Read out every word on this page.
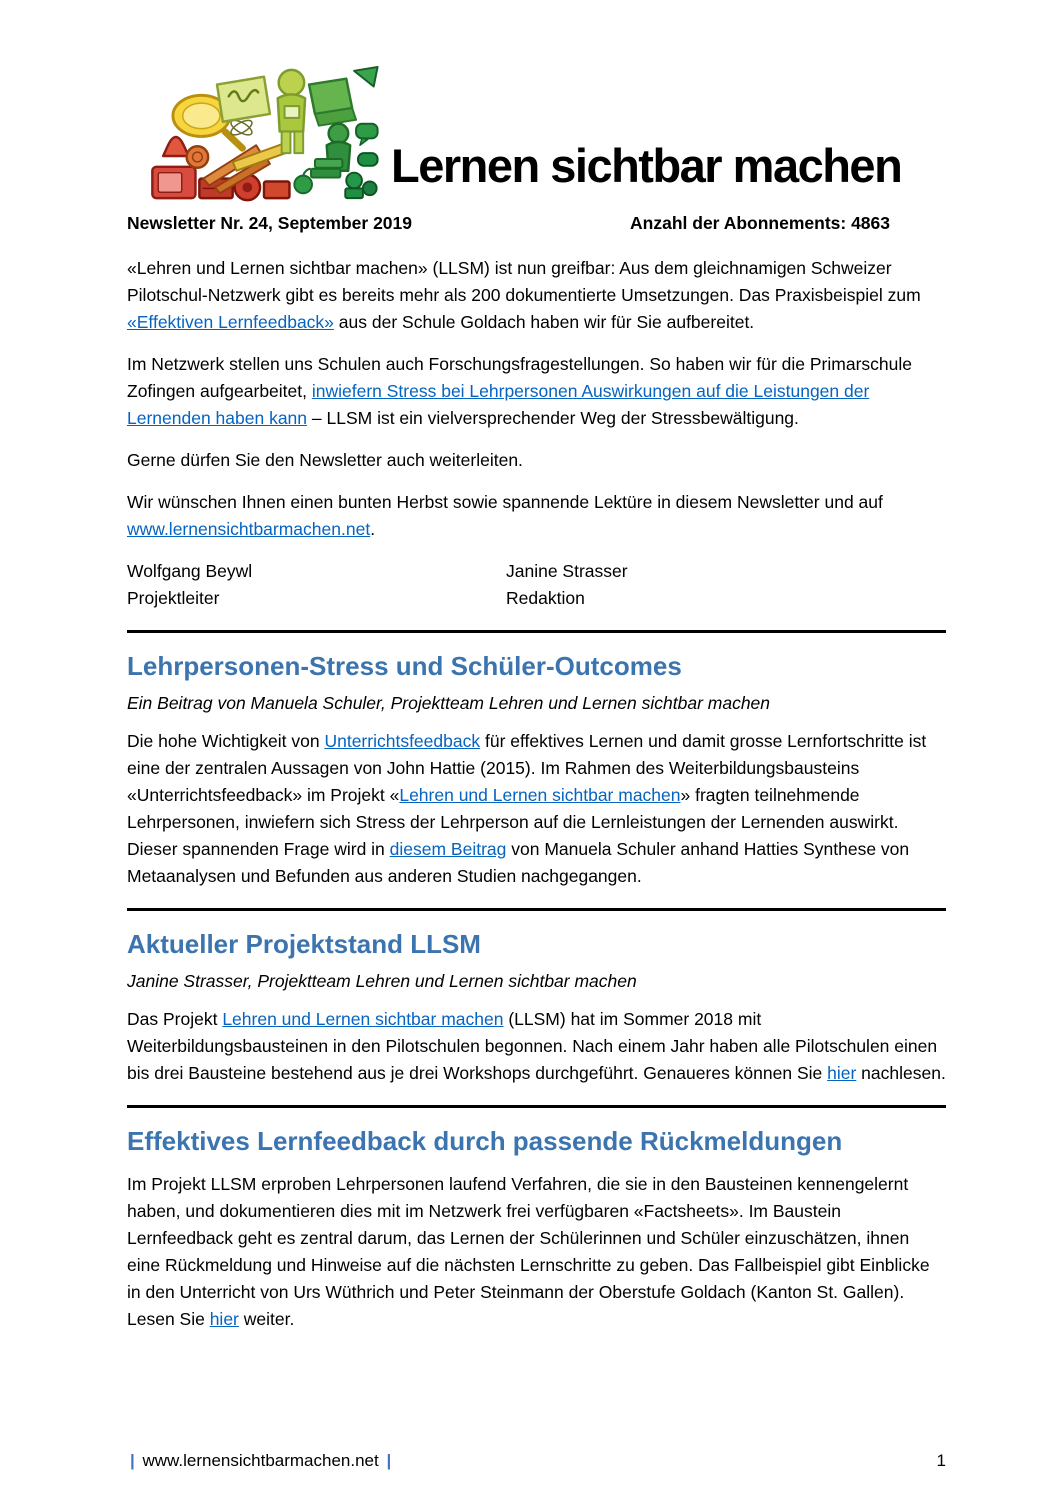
Lernen sichtbar machen
Newsletter Nr. 24, September 2019	Anzahl der Abonnements: 4863

«Lehren und Lernen sichtbar machen» (LLSM) ist nun greifbar: Aus dem gleichnamigen Schweizer Pilotschul-Netzwerk gibt es bereits mehr als 200 dokumentierte Umsetzungen. Das Praxisbeispiel zum «Effektiven Lernfeedback» aus der Schule Goldach haben wir für Sie aufbereitet.

Im Netzwerk stellen uns Schulen auch Forschungsfragestellungen. So haben wir für die Primarschule Zofingen aufgearbeitet, inwiefern Stress bei Lehrpersonen Auswirkungen auf die Leistungen der Lernenden haben kann – LLSM ist ein vielversprechender Weg der Stressbewältigung.

Gerne dürfen Sie den Newsletter auch weiterleiten.

Wir wünschen Ihnen einen bunten Herbst sowie spannende Lektüre in diesem Newsletter und auf www.lernensichtbarmachen.net.

Wolfgang Beywl
Projektleiter
Janine Strasser
Redaktion
Lehrpersonen-Stress und Schüler-Outcomes

Ein Beitrag von Manuela Schuler, Projektteam Lehren und Lernen sichtbar machen

Die hohe Wichtigkeit von Unterrichtsfeedback für effektives Lernen und damit grosse Lernfortschritte ist eine der zentralen Aussagen von John Hattie (2015). Im Rahmen des Weiterbildungsbausteins «Unterrichtsfeedback» im Projekt «Lehren und Lernen sichtbar machen» fragten teilnehmende Lehrpersonen, inwiefern sich Stress der Lehrperson auf die Lernleistungen der Lernenden auswirkt. Dieser spannenden Frage wird in diesem Beitrag von Manuela Schuler anhand Hatties Synthese von Metaanalysen und Befunden aus anderen Studien nachgegangen.

Aktueller Projektstand LLSM

Janine Strasser, Projektteam Lehren und Lernen sichtbar machen

Das Projekt Lehren und Lernen sichtbar machen (LLSM) hat im Sommer 2018 mit Weiterbildungsbausteinen in den Pilotschulen begonnen. Nach einem Jahr haben alle Pilotschulen einen bis drei Bausteine bestehend aus je drei Workshops durchgeführt. Genaueres können Sie hier nachlesen.

Effektives Lernfeedback durch passende Rückmeldungen

Im Projekt LLSM erproben Lehrpersonen laufend Verfahren, die sie in den Bausteinen kennengelernt haben, und dokumentieren dies mit im Netzwerk frei verfügbaren «Factsheets». Im Baustein Lernfeedback geht es zentral darum, das Lernen der Schülerinnen und Schüler einzuschätzen, ihnen eine Rückmeldung und Hinweise auf die nächsten Lernschritte zu geben. Das Fallbeispiel gibt Einblicke in den Unterricht von Urs Wüthrich und Peter Steinmann der Oberstufe Goldach (Kanton St. Gallen). Lesen Sie hier weiter.

| www.lernensichtbarmachen.net |	1
